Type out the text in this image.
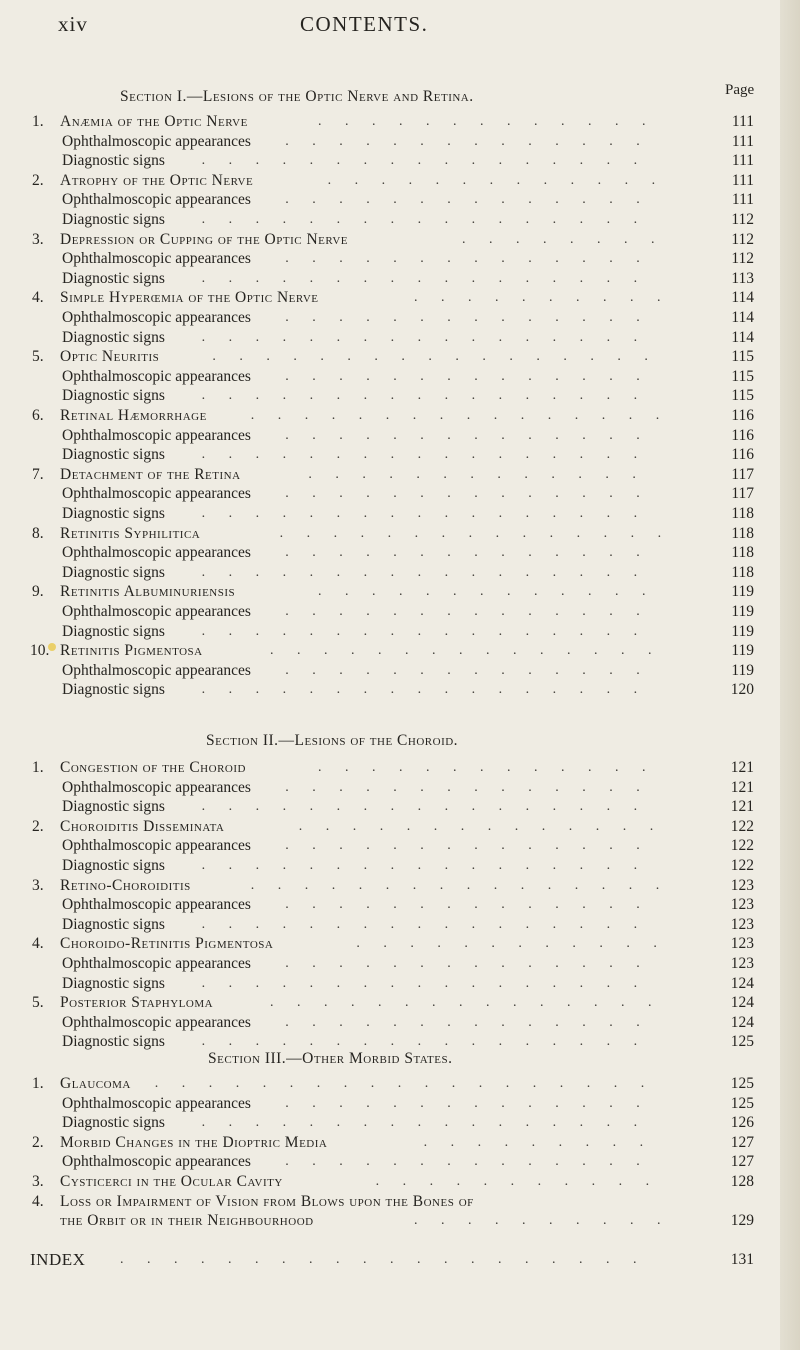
xiv	CONTENTS.
Section I.—Lesions of the Optic Nerve and Retina.	Page
1. Anæmia of the Optic Nerve	. . . . . . . . . . . . .	111
Ophthalmoscopic appearances . . . . . . . . . . . . . .	111
Diagnostic signs	. . . . . . . . . . . . . . . . .	111
2. Atrophy of the Optic Nerve	. . . . . . . . . . . . .	111
Ophthalmoscopic appearances . . . . . . . . . . . . . .	111
Diagnostic signs	. . . . . . . . . . . . . . . . .	112
3. Depression or Cupping of the Optic Nerve	. . . . . . . .	112
Ophthalmoscopic appearances . . . . . . . . . . . . . .	112
Diagnostic signs	. . . . . . . . . . . . . . . . .	113
4. Simple Hyperœmia of the Optic Nerve	. . . . . . . . . .	114
Ophthalmoscopic appearances . . . . . . . . . . . . . .	114
Diagnostic signs	. . . . . . . . . . . . . . . . .	114
5. Optic Neuritis	. . . . . . . . . . . . . . . . .	115
Ophthalmoscopic appearances . . . . . . . . . . . . . .	115
Diagnostic signs	. . . . . . . . . . . . . . . . .	115
6. Retinal Hæmorrhage	. . . . . . . . . . . . . . . .	116
Ophthalmoscopic appearances . . . . . . . . . . . . . .	116
Diagnostic signs	. . . . . . . . . . . . . . . . .	116
7. Detachment of the Retina	. . . . . . . . . . . . .	117
Ophthalmoscopic appearances . . . . . . . . . . . . . .	117
Diagnostic signs	. . . . . . . . . . . . . . . . .	118
8. Retinitis Syphilitica	. . . . . . . . . . . . . . .	118
Ophthalmoscopic appearances . . . . . . . . . . . . . .	118
Diagnostic signs	. . . . . . . . . . . . . . . . .	118
9. Retinitis Albuminuriensis	. . . . . . . . . . . . .	119
Ophthalmoscopic appearances . . . . . . . . . . . . . .	119
Diagnostic signs	. . . . . . . . . . . . . . . . .	119
10. Retinitis Pigmentosa	. . . . . . . . . . . . . . .	119
Ophthalmoscopic appearances . . . . . . . . . . . . . .	119
Diagnostic signs	. . . . . . . . . . . . . . . . .	120
Section II.—Lesions of the Choroid.
1. Congestion of the Choroid	. . . . . . . . . . . . .	121
Ophthalmoscopic appearances . . . . . . . . . . . . . .	121
Diagnostic signs	. . . . . . . . . . . . . . . . .	121
2. Choroiditis Disseminata	. . . . . . . . . . . . . .	122
Ophthalmoscopic appearances . . . . . . . . . . . . . .	122
Diagnostic signs	. . . . . . . . . . . . . . . . .	122
3. Retino-Choroiditis	. . . . . . . . . . . . . . . .	123
Ophthalmoscopic appearances . . . . . . . . . . . . . .	123
Diagnostic signs	. . . . . . . . . . . . . . . . .	123
4. Choroido-Retinitis Pigmentosa	. . . . . . . . . . . .	123
Ophthalmoscopic appearances . . . . . . . . . . . . . .	123
Diagnostic signs	. . . . . . . . . . . . . . . . .	124
5. Posterior Staphyloma	. . . . . . . . . . . . . . .	124
Ophthalmoscopic appearances . . . . . . . . . . . . . .	124
Diagnostic signs	. . . . . . . . . . . . . . . . .	125
Section III.—Other Morbid States.
1. Glaucoma . . . . . . . . . . . . . . . . . . .	125
Ophthalmoscopic appearances . . . . . . . . . . . . . .	125
Diagnostic signs	. . . . . . . . . . . . . . . . .	126
2. Morbid Changes in the Dioptric Media	. . . . . . . . .	127
Ophthalmoscopic appearances . . . . . . . . . . . . . .	127
3. Cysticerci in the Ocular Cavity	. . . . . . . . . . .	128
4. Loss or Impairment of Vision from Blows upon the Bones of
the Orbit or in their Neighbourhood	. . . . . . . . . .	129
INDEX . . . . . . . . . . . . . . . . . . . .	131
